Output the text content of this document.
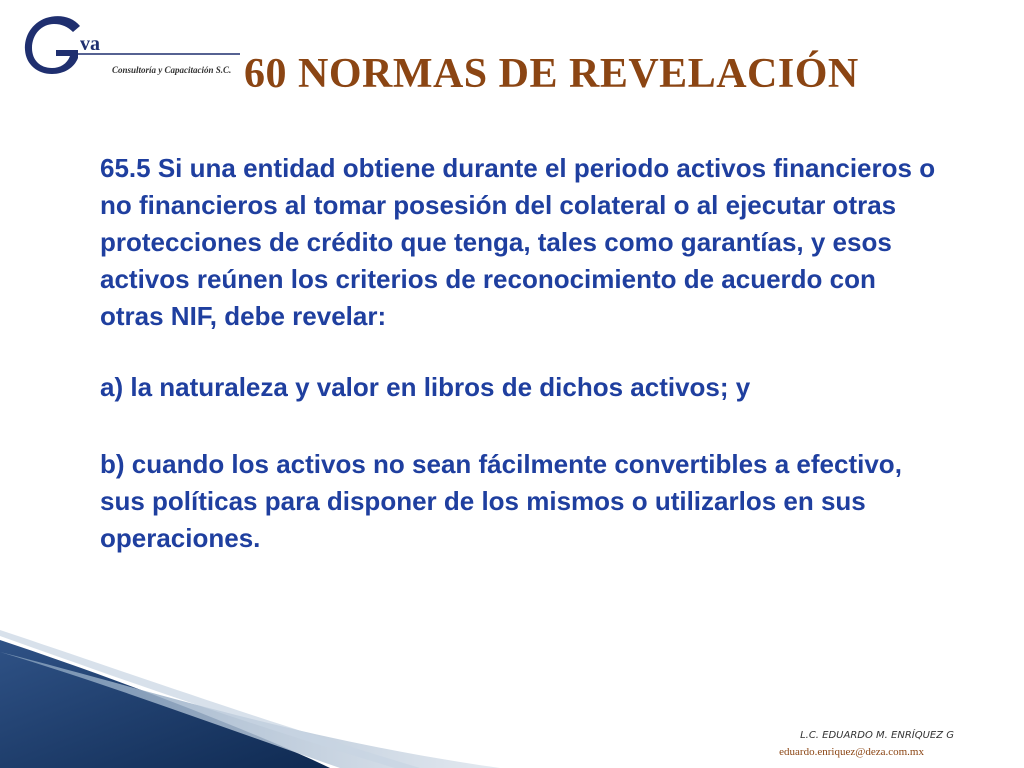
va
Consultoría y Capacitación S.C. 60 NORMAS DE REVELACIÓN

65.5 Si una entidad obtiene durante el periodo activos financieros o no financieros al tomar posesión del colateral o al ejecutar otras protecciones de crédito que tenga, tales como garantías, y esos activos reúnen los criterios de reconocimiento de acuerdo con otras NIF, debe revelar:

a) la naturaleza y valor en libros de dichos activos; y

b) cuando los activos no sean fácilmente convertibles a efectivo, sus políticas para disponer de los mismos o utilizarlos en sus operaciones.

L.C. EDUARDO M. ENRÍQUEZ G
eduardo.enriquez@deza.com.mx
